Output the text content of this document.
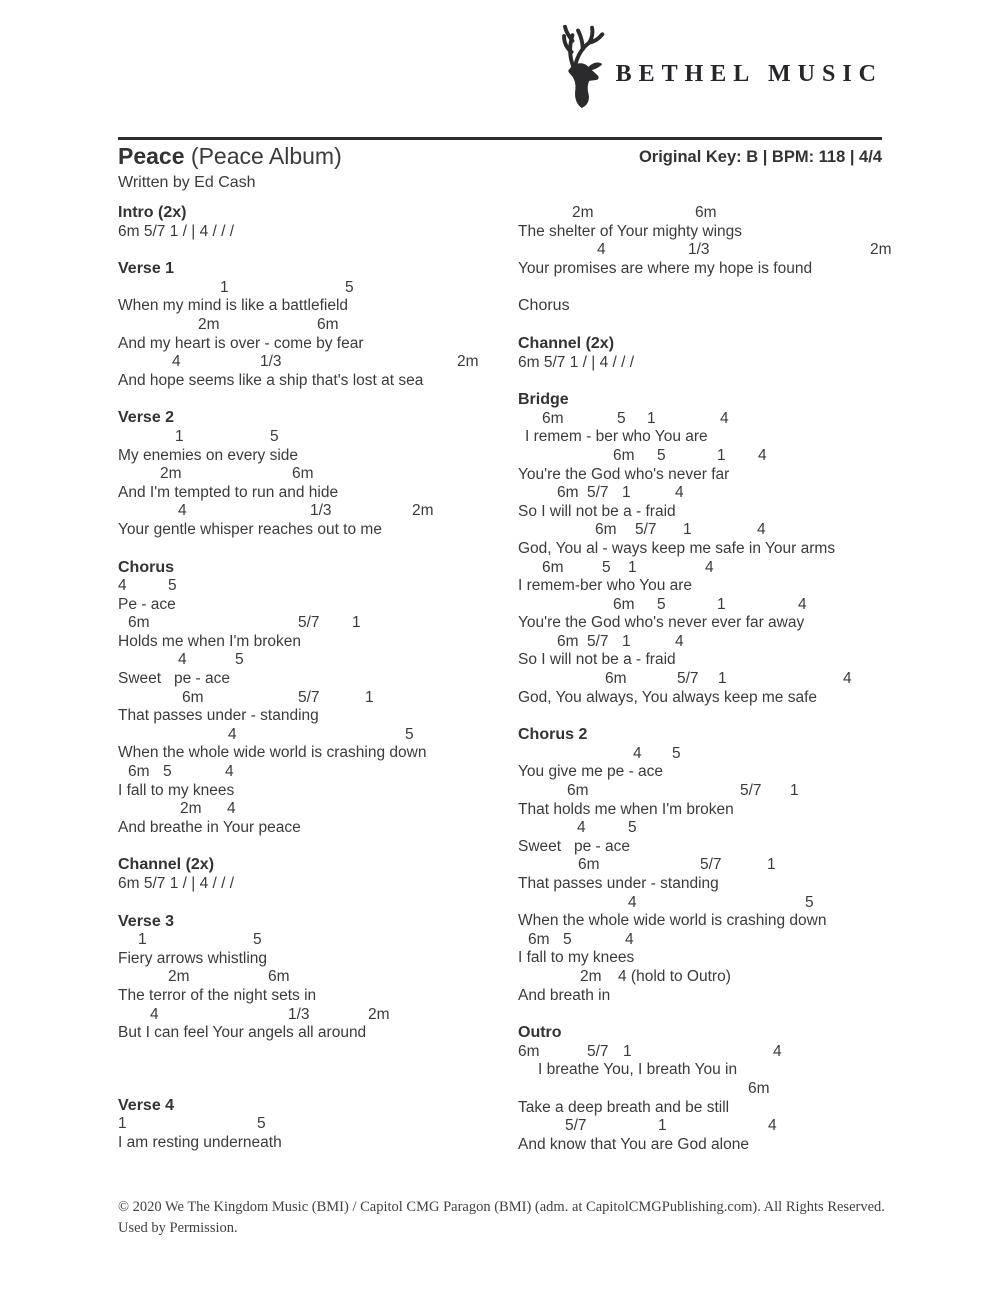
BETHEL MUSIC
Peace (Peace Album)	Original Key: B | BPM: 118 | 4/4
Written by Ed Cash
Intro (2x)
6m 5/7 1 / | 4 / / /
Verse 1
1	5
When my mind is like a battlefield
2m	6m
And my heart is over - come by fear
4	1/3	2m
And hope seems like a ship that's lost at sea
Verse 2
1	5
My enemies on every side
2m	6m
And I'm tempted to run and hide
4	1/3	2m
Your gentle whisper reaches out to me
Chorus
4	5
Pe - ace
6m	5/7 1
Holds me when I'm broken
4	5
Sweet   pe - ace
6m	5/7	1
That passes under - standing
4	5
When the whole wide world is crashing down
6m 5	4
I fall to my knees
2m 4
And breathe in Your peace
Channel (2x)
6m 5/7 1 / | 4 / / /
Verse 3
1	5
Fiery arrows whistling
2m	6m
The terror of the night sets in
4	1/3	2m
But I can feel Your angels all around
Verse 4
1	5
I am resting underneath
2m	6m
The shelter of Your mighty wings
4	1/3	2m
Your promises are where my hope is found
Chorus
Channel (2x)
6m 5/7 1 / | 4 / / /
Bridge
6m	5 1	4
I remem - ber who You are
6m 5	1 4
You're the God who's never far
6m 5/7 1	4
So I will not be a - fraid
6m 5/7 1	4
God, You al - ways keep me safe in Your arms
6m 5 1	4
I remem-ber who You are
6m 5	1	4
You're the God who's never ever far away
6m 5/7 1	4
So I will not be a - fraid
6m	5/7 1	4
God, You always, You always keep me safe
Chorus 2
4 5
You give me pe - ace
6m	5/7 1
That holds me when I'm broken
4	5
Sweet   pe - ace
6m	5/7	1
That passes under - standing
4	5
When the whole wide world is crashing down
6m 5	4
I fall to my knees
2m 4 (hold to Outro)
And breath in
Outro
6m	5/7 1	4
I breathe You, I breath You in
6m
Take a deep breath and be still
5/7	1	4
And know that You are God alone
© 2020 We The Kingdom Music (BMI) / Capitol CMG Paragon (BMI) (adm. at CapitolCMGPublishing.com). All Rights Reserved. Used by Permission.
